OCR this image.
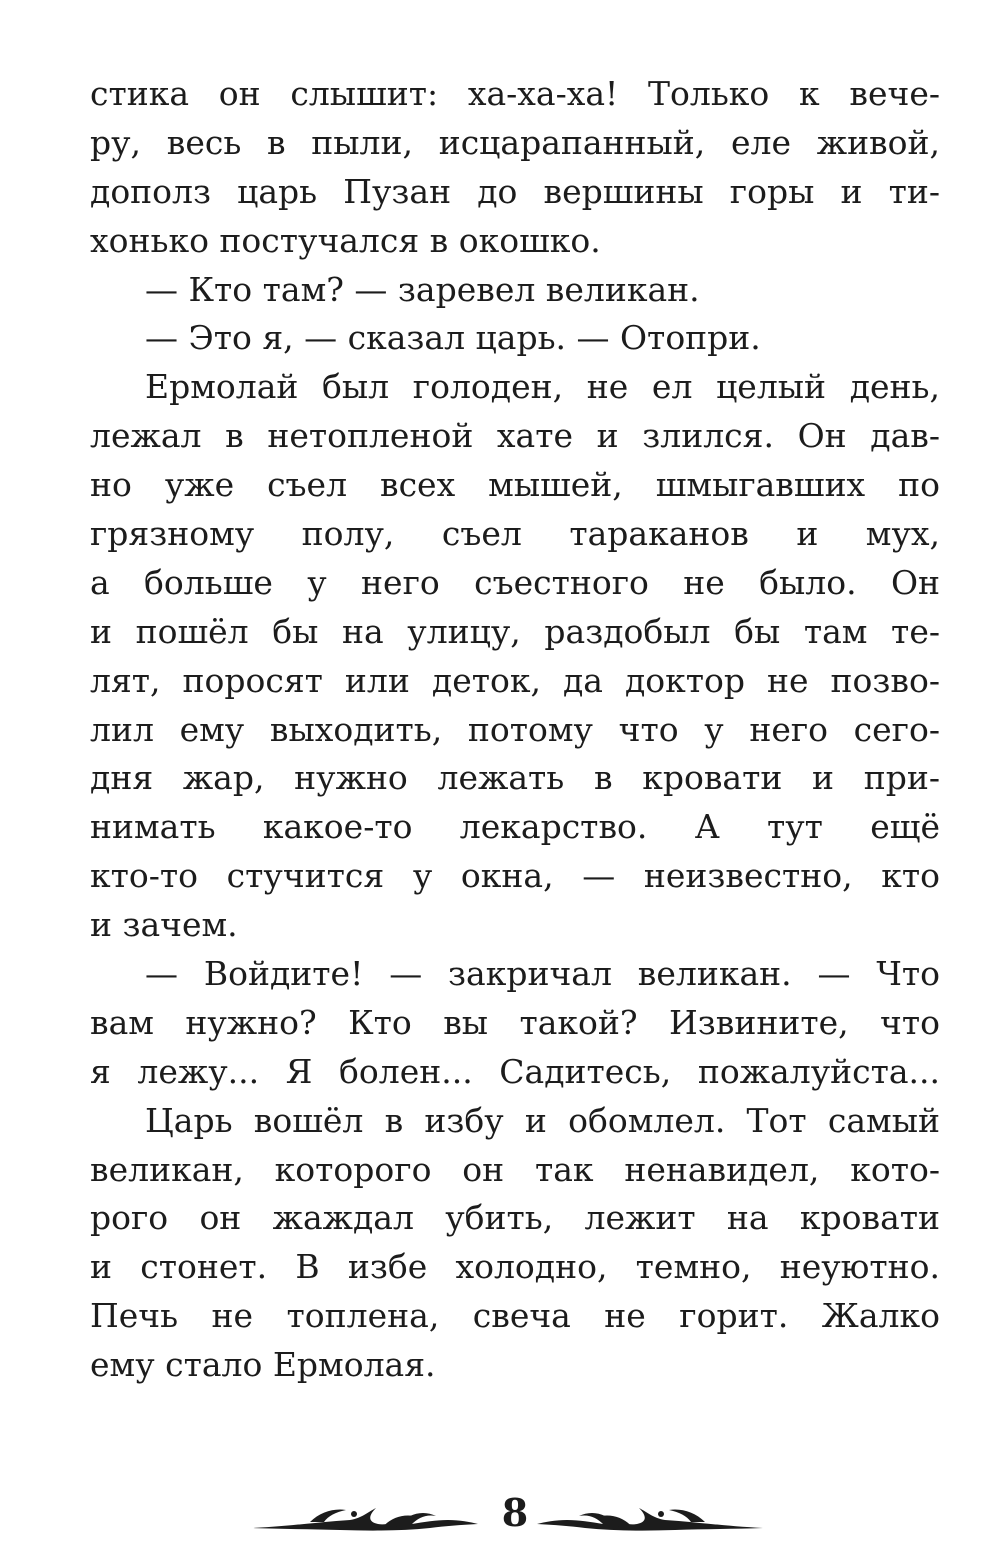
стика он слышит: ха-ха-ха! Только к вече-
ру, весь в пыли, исцарапанный, еле живой,
дополз царь Пузан до вершины горы и ти-
хонько постучался в окошко.
— Кто там? — заревел великан.
— Это я, — сказал царь. — Отопри.
Ермолай был голоден, не ел целый день,
лежал в нетопленой хате и злился. Он дав-
но уже съел всех мышей, шмыгавших по
грязному полу, съел тараканов и мух,
а больше у него съестного не было. Он
и пошёл бы на улицу, раздобыл бы там те-
лят, поросят или деток, да доктор не позво-
лил ему выходить, потому что у него сего-
дня жар, нужно лежать в кровати и при-
нимать какое-то лекарство. А тут ещё
кто-то стучится у окна, — неизвестно, кто
и зачем.
— Войдите! — закричал великан. — Что
вам нужно? Кто вы такой? Извините, что
я лежу... Я болен... Садитесь, пожалуйста...
Царь вошёл в избу и обомлел. Тот самый
великан, которого он так ненавидел, кото-
рого он жаждал убить, лежит на кровати
и стонет. В избе холодно, темно, неуютно.
Печь не топлена, свеча не горит. Жалко
ему стало Ермолая.
8
